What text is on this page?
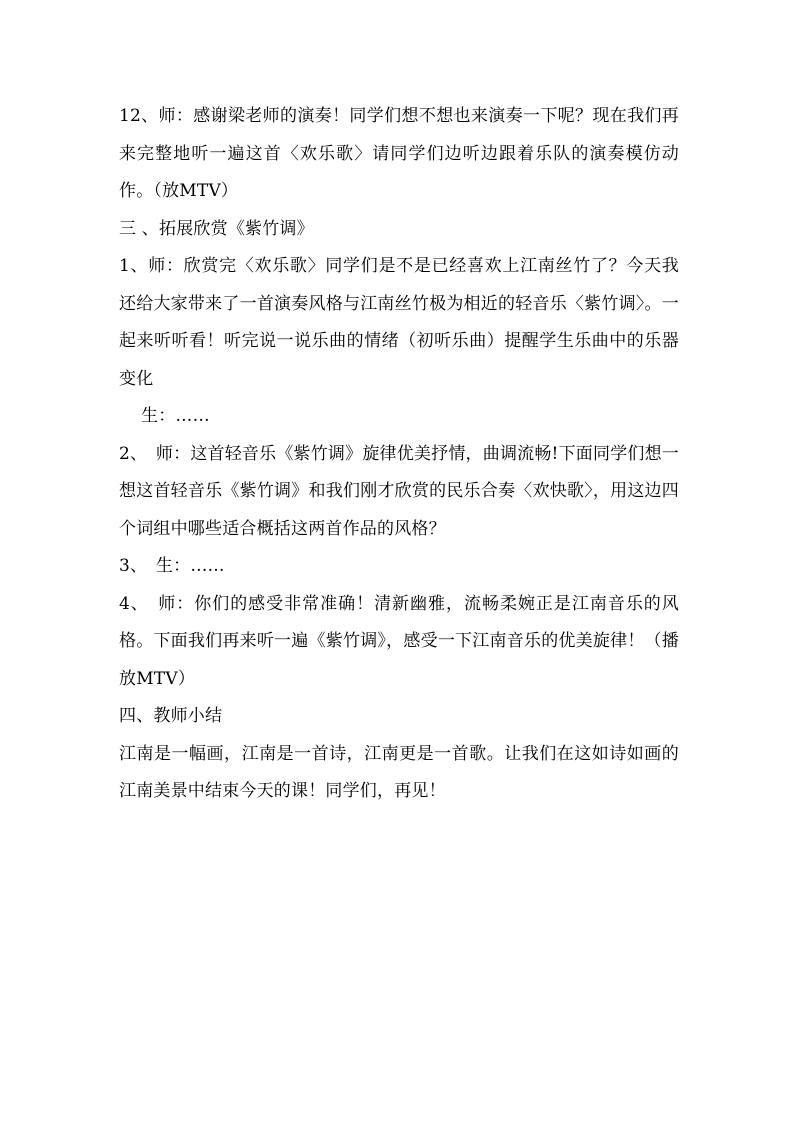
12、师：感谢梁老师的演奏！同学们想不想也来演奏一下呢？现在我们再来完整地听一遍这首〈欢乐歌〉请同学们边听边跟着乐队的演奏模仿动作。（放MTV）

三 、拓展欣赏《紫竹调》

1、师：欣赏完〈欢乐歌〉同学们是不是已经喜欢上江南丝竹了？今天我还给大家带来了一首演奏风格与江南丝竹极为相近的轻音乐〈紫竹调〉。一起来听听看！听完说一说乐曲的情绪（初听乐曲）提醒学生乐曲中的乐器变化

生：……

2、　师：这首轻音乐《紫竹调》旋律优美抒情，曲调流畅!下面同学们想一想这首轻音乐《紫竹调》和我们刚才欣赏的民乐合奏〈欢快歌〉，用这边四个词组中哪些适合概括这两首作品的风格？

3、　生：……

4、　师：你们的感受非常准确！清新幽雅，流畅柔婉正是江南音乐的风格。下面我们再来听一遍《紫竹调》，感受一下江南音乐的优美旋律！（播放MTV）

四、教师小结

江南是一幅画，江南是一首诗，江南更是一首歌。让我们在这如诗如画的江南美景中结束今天的课！同学们，再见！
